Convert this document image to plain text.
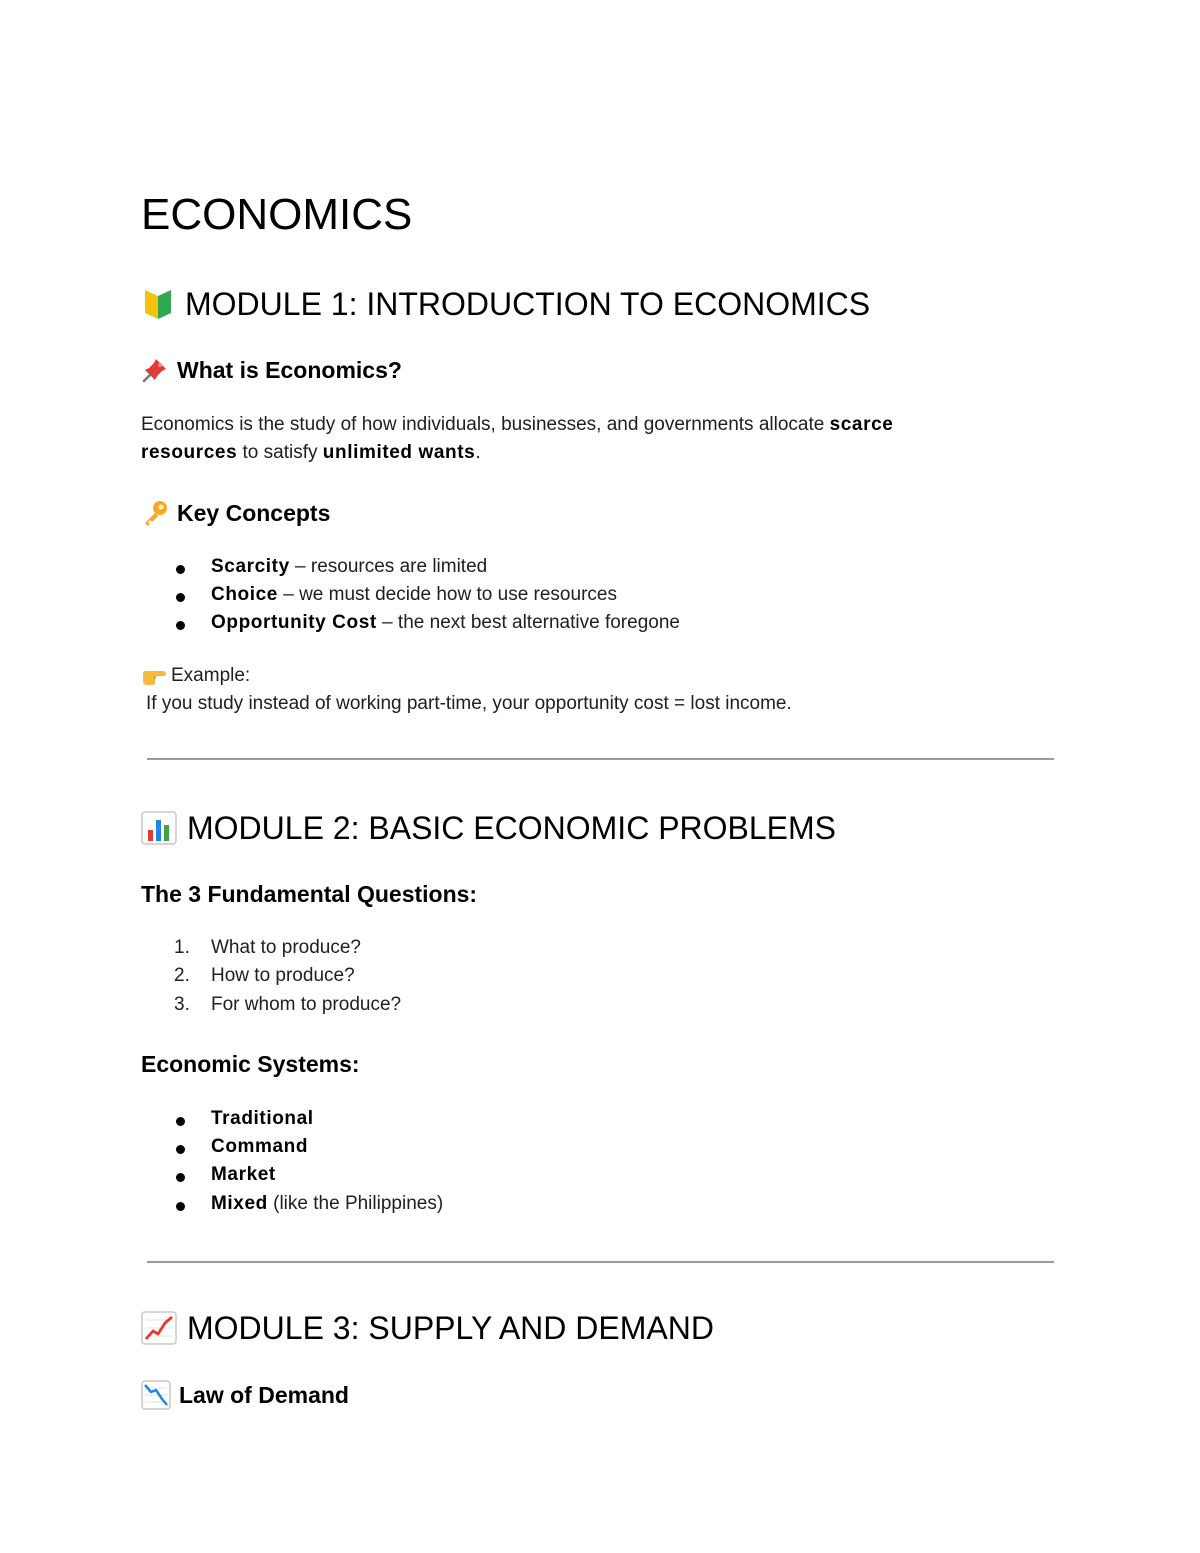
ECONOMICS
MODULE 1: INTRODUCTION TO ECONOMICS
What is Economics?
Economics is the study of how individuals, businesses, and governments allocate scarce
resources to satisfy unlimited wants.
Key Concepts
Scarcity – resources are limited
Choice – we must decide how to use resources
Opportunity Cost – the next best alternative foregone
Example:
If you study instead of working part-time, your opportunity cost = lost income.
MODULE 2: BASIC ECONOMIC PROBLEMS
The 3 Fundamental Questions:
1. What to produce?
2. How to produce?
3. For whom to produce?
Economic Systems:
Traditional
Command
Market
Mixed (like the Philippines)
MODULE 3: SUPPLY AND DEMAND
Law of Demand
